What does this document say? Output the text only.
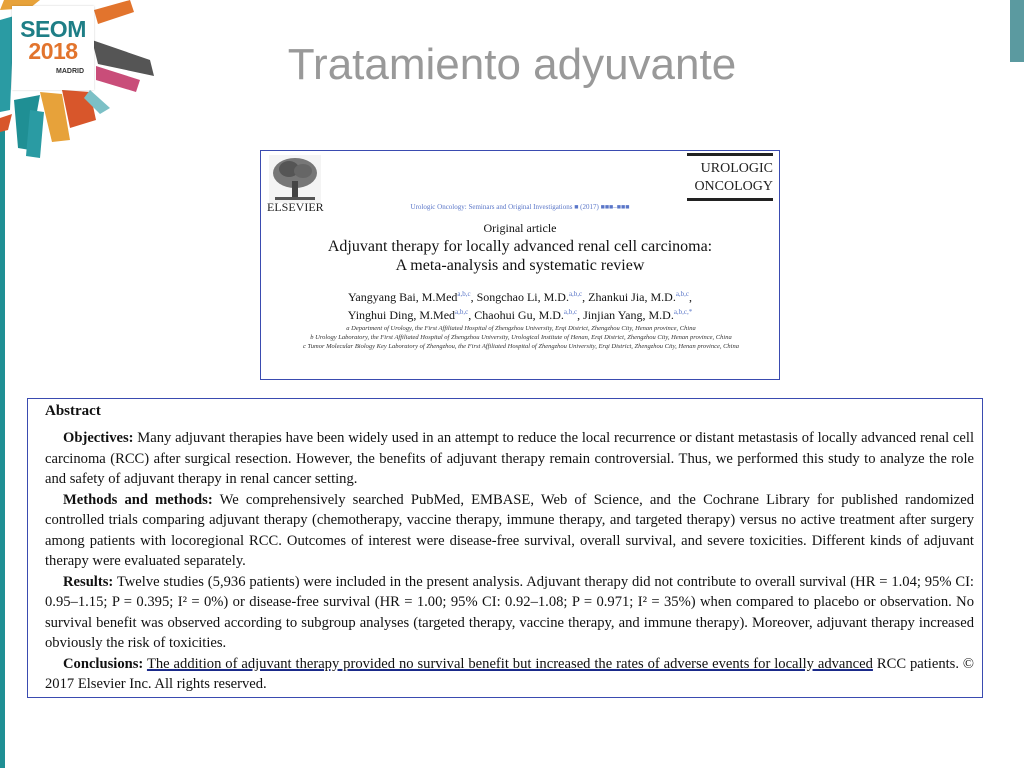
SEOM
2018
MADRID	Tratamiento adyuvante
ELSEVIER
UROLOGIC
ONCOLOGY
Urologic Oncology: Seminars and Original Investigations ■ (2017) ■■■–■■■
Original article
Adjuvant therapy for locally advanced renal cell carcinoma:
A meta-analysis and systematic review
Yangyang Bai, M.Med$^{a,b,c}$, Songchao Li, M.D.$^{a,b,c}$, Zhankui Jia, M.D.$^{a,b,c}$,
Yinghui Ding, M.Med$^{a,b,c}$, Chaohui Gu, M.D.$^{a,b,c}$, Jinjian Yang, M.D.$^{a,b,c,*}$
a Department of Urology, the First Affiliated Hospital of Zhengzhou University, Erqi District, Zhengzhou City, Henan province, China
b Urology Laboratory, the First Affiliated Hospital of Zhengzhou University, Urological Institute of Henan, Erqi District, Zhengzhou City, Henan province, China
c Tumor Molecular Biology Key Laboratory of Zhengzhou, the First Affiliated Hospital of Zhengzhou University, Erqi District, Zhengzhou City, Henan province, China
Abstract

Objectives: Many adjuvant therapies have been widely used in an attempt to reduce the local recurrence or distant metastasis of locally advanced renal cell carcinoma (RCC) after surgical resection. However, the benefits of adjuvant therapy remain controversial. Thus, we performed this study to analyze the role and safety of adjuvant therapy in renal cancer setting.

Methods and methods: We comprehensively searched PubMed, EMBASE, Web of Science, and the Cochrane Library for published randomized controlled trials comparing adjuvant therapy (chemotherapy, vaccine therapy, immune therapy, and targeted therapy) versus no active treatment after surgery among patients with locoregional RCC. Outcomes of interest were disease-free survival, overall survival, and severe toxicities. Different kinds of adjuvant therapy were evaluated separately.

Results: Twelve studies (5,936 patients) were included in the present analysis. Adjuvant therapy did not contribute to overall survival (HR = 1.04; 95% CI: 0.95–1.15; P = 0.395; I² = 0%) or disease-free survival (HR = 1.00; 95% CI: 0.92–1.08; P = 0.971; I² = 35%) when compared to placebo or observation. No survival benefit was observed according to subgroup analyses (targeted therapy, vaccine therapy, and immune therapy). Moreover, adjuvant therapy increased obviously the risk of toxicities.

Conclusions: The addition of adjuvant therapy provided no survival benefit but increased the rates of adverse events for locally advanced RCC patients. © 2017 Elsevier Inc. All rights reserved.
